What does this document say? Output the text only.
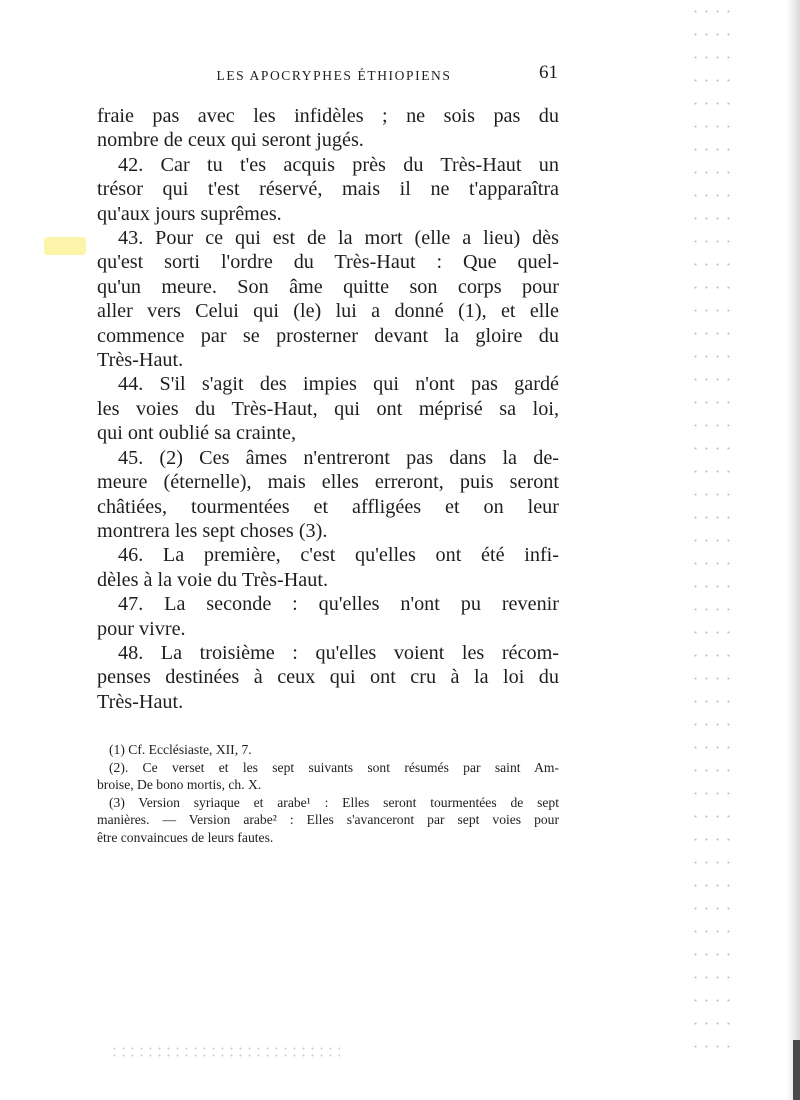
LES APOCRYPHES ÉTHIOPIENS	61
fraie pas avec les infidèles ; ne sois pas du
nombre de ceux qui seront jugés.
42. Car tu t'es acquis près du Très-Haut un
trésor qui t'est réservé, mais il ne t'apparaîtra
qu'aux jours suprêmes.
43. Pour ce qui est de la mort (elle a lieu) dès
qu'est sorti l'ordre du Très-Haut : Que quel-
qu'un meure. Son âme quitte son corps pour
aller vers Celui qui (le) lui a donné (1), et elle
commence par se prosterner devant la gloire du
Très-Haut.
44. S'il s'agit des impies qui n'ont pas gardé
les voies du Très-Haut, qui ont méprisé sa loi,
qui ont oublié sa crainte,
45. (2) Ces âmes n'entreront pas dans la de-
meure (éternelle), mais elles erreront, puis seront
châtiées, tourmentées et affligées et on leur
montrera les sept choses (3).
46. La première, c'est qu'elles ont été infi-
dèles à la voie du Très-Haut.
47. La seconde : qu'elles n'ont pu revenir
pour vivre.
48. La troisième : qu'elles voient les récom-
penses destinées à ceux qui ont cru à la loi du
Très-Haut.
(1) Cf. Ecclésiaste, XII, 7.
(2). Ce verset et les sept suivants sont résumés par saint Am-
broise, De bono mortis, ch. X.
(3) Version syriaque et arabe¹ : Elles seront tourmentées de sept
manières. — Version arabe² : Elles s'avanceront par sept voies pour
être convaincues de leurs fautes.
